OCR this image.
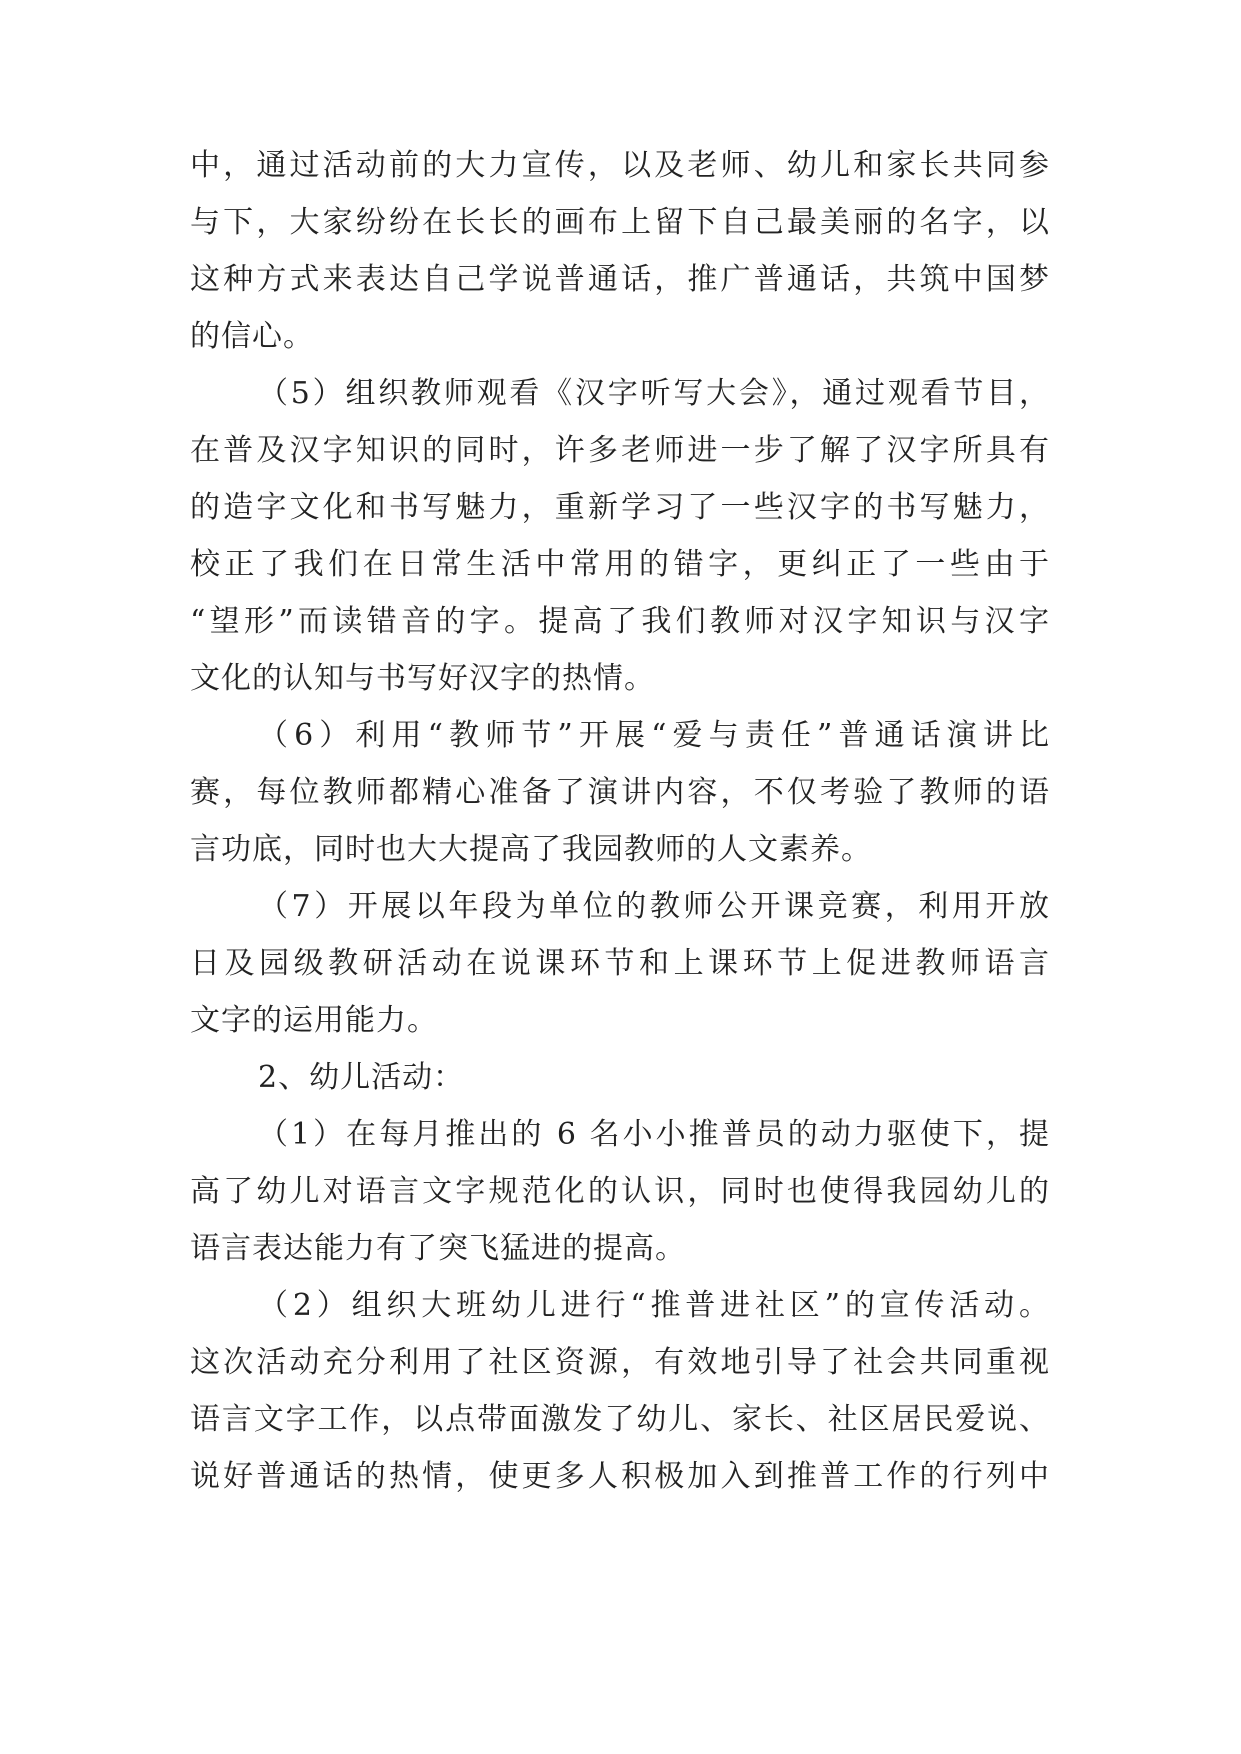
中，通过活动前的大力宣传，以及老师、幼儿和家长共同参
与下，大家纷纷在长长的画布上留下自己最美丽的名字，以
这种方式来表达自己学说普通话，推广普通话，共筑中国梦
的信心。
（5）组织教师观看《汉字听写大会》，通过观看节目，
在普及汉字知识的同时，许多老师进一步了解了汉字所具有
的造字文化和书写魅力，重新学习了一些汉字的书写魅力，
校正了我们在日常生活中常用的错字，更纠正了一些由于
“望形”而读错音的字。提高了我们教师对汉字知识与汉字
文化的认知与书写好汉字的热情。
（6）利用“教师节”开展“爱与责任”普通话演讲比
赛，每位教师都精心准备了演讲内容，不仅考验了教师的语
言功底，同时也大大提高了我园教师的人文素养。
（7）开展以年段为单位的教师公开课竞赛，利用开放
日及园级教研活动在说课环节和上课环节上促进教师语言
文字的运用能力。
2、幼儿活动：
（1）在每月推出的 6 名小小推普员的动力驱使下，提
高了幼儿对语言文字规范化的认识，同时也使得我园幼儿的
语言表达能力有了突飞猛进的提高。
（2）组织大班幼儿进行“推普进社区”的宣传活动。
这次活动充分利用了社区资源，有效地引导了社会共同重视
语言文字工作，以点带面激发了幼儿、家长、社区居民爱说、
说好普通话的热情，使更多人积极加入到推普工作的行列中
